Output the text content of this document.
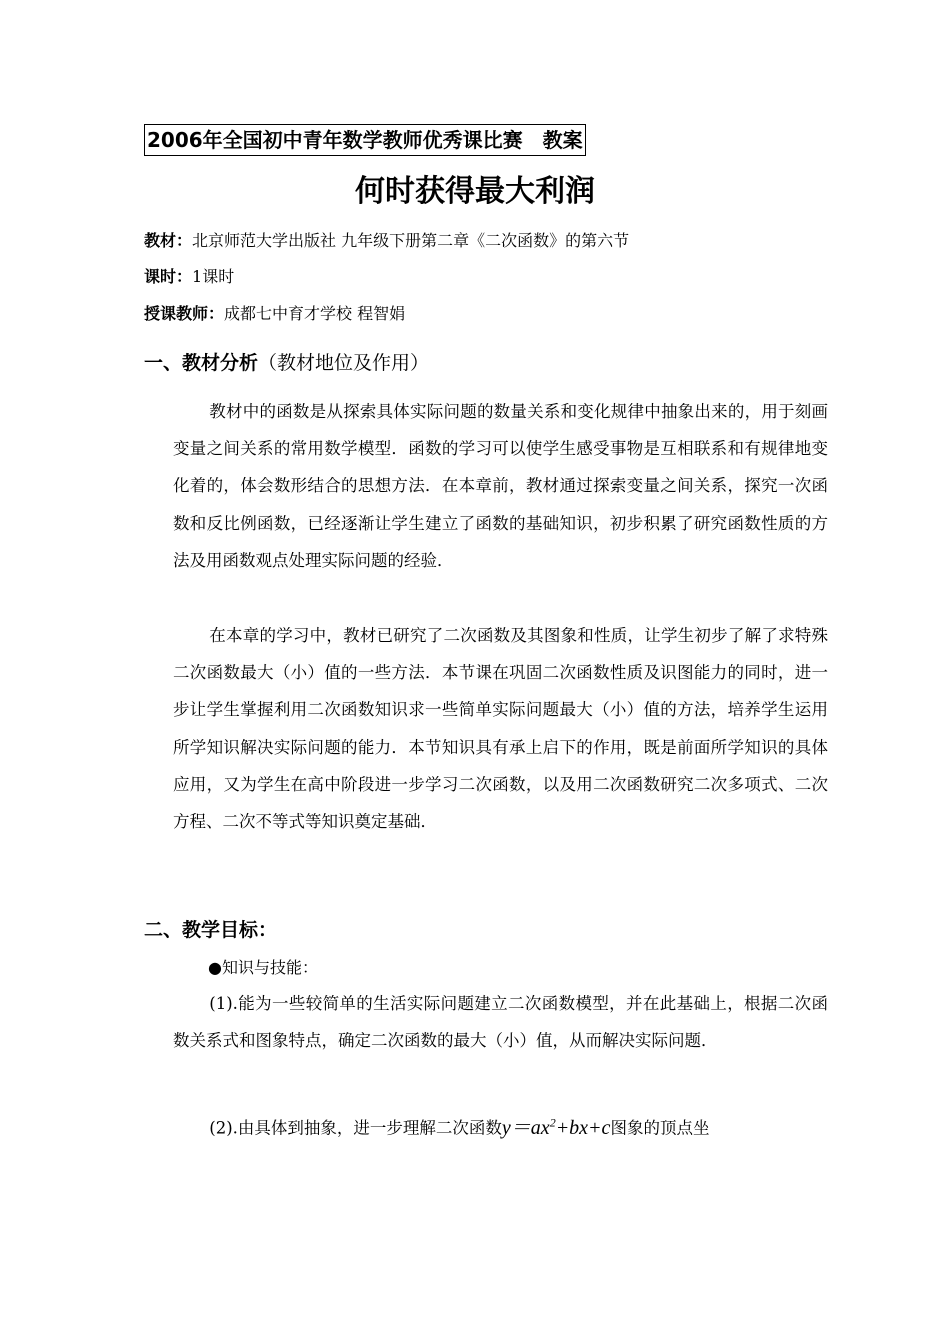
2006年全国初中青年数学教师优秀课比赛　教案
何时获得最大利润
教材：北京师范大学出版社 九年级下册第二章《二次函数》的第六节
课时：1课时
授课教师：成都七中育才学校 程智娟
一、教材分析（教材地位及作用）

教材中的函数是从探索具体实际问题的数量关系和变化规律中抽象出来的，用于刻画变量之间关系的常用数学模型．函数的学习可以使学生感受事物是互相联系和有规律地变化着的，体会数形结合的思想方法．在本章前，教材通过探索变量之间关系，探究一次函数和反比例函数，已经逐渐让学生建立了函数的基础知识，初步积累了研究函数性质的方法及用函数观点处理实际问题的经验．

在本章的学习中，教材已研究了二次函数及其图象和性质，让学生初步了解了求特殊二次函数最大（小）值的一些方法．本节课在巩固二次函数性质及识图能力的同时，进一步让学生掌握利用二次函数知识求一些简单实际问题最大（小）值的方法，培养学生运用所学知识解决实际问题的能力．本节知识具有承上启下的作用，既是前面所学知识的具体应用，又为学生在高中阶段进一步学习二次函数，以及用二次函数研究二次多项式、二次方程、二次不等式等知识奠定基础．

二、教学目标：
●知识与技能：

(1).能为一些较简单的生活实际问题建立二次函数模型，并在此基础上，根据二次函数关系式和图象特点，确定二次函数的最大（小）值，从而解决实际问题．

(2).由具体到抽象，进一步理解二次函数$y=ax^2+bx+c$图象的顶点坐
